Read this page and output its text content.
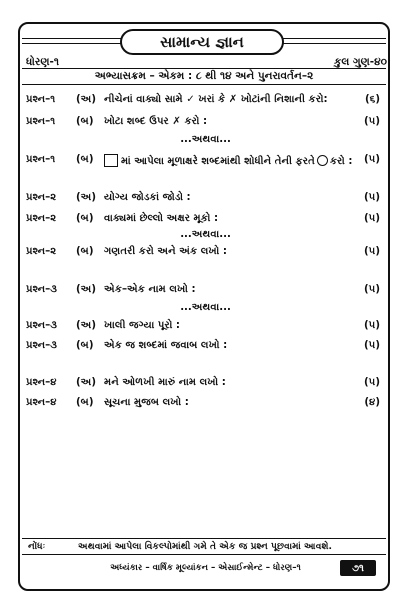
સામાન્ય જ્ઞાન
ધોરણ-૧	કુલ ગુણ-૪૦
અભ્યાસક્રમ – એકમ : ૮ થી ૧૪ અને પુનરાવર્તન–૨
પ્રશ્ન–૧ (અ) નીચેનાં વાક્યો સામે ✓ ખરાં કે ✗ ખોટાંની નિશાની કરો:	(૬)
પ્રશ્ન–૧ (બ) ખોટા શબ્દ ઉપર ✗ કરો :	(૫)
...અથવા...
પ્રશ્ન–૧ (બ)	માં આપેલા મૂળાક્ષરે શબ્દમાંથી શોધીને તેની ફરતે કરો : (૫)
પ્રશ્ન–૨ (અ) યોગ્ય જોડકાં જોડો :	(૫)
પ્રશ્ન–૨ (બ) વાક્યમાં છેલ્લો અક્ષર મૂકો :	(૫)
...અથવા...
પ્રશ્ન–૨ (બ) ગણતરી કરો અને અંક લખો :	(૫)
પ્રશ્ન–૩ (અ) એક–એક નામ લખો :	(૫)
...અથવા...
પ્રશ્ન–૩ (અ) ખાલી જગ્યા પૂરો :	(૫)
પ્રશ્ન–૩ (બ) એક જ શબ્દમાં જવાબ લખો :	(૫)
પ્રશ્ન–૪ (અ) મને ઓળખી મારું નામ લખો :	(૫)
પ્રશ્ન–૪ (બ) સૂચના મુજબ લખો :	(૪)
નોંધઃ	અથવામાં આપેલા વિકલ્પોમાંથી ગમે તે એક જ પ્રશ્ન પૂછવામાં આવશે.
અધ્યંકાર – વાર્ષિક મૂલ્યાંકન – એસાઈન્મેન્ટ – ધોરણ–૧	૭૧
